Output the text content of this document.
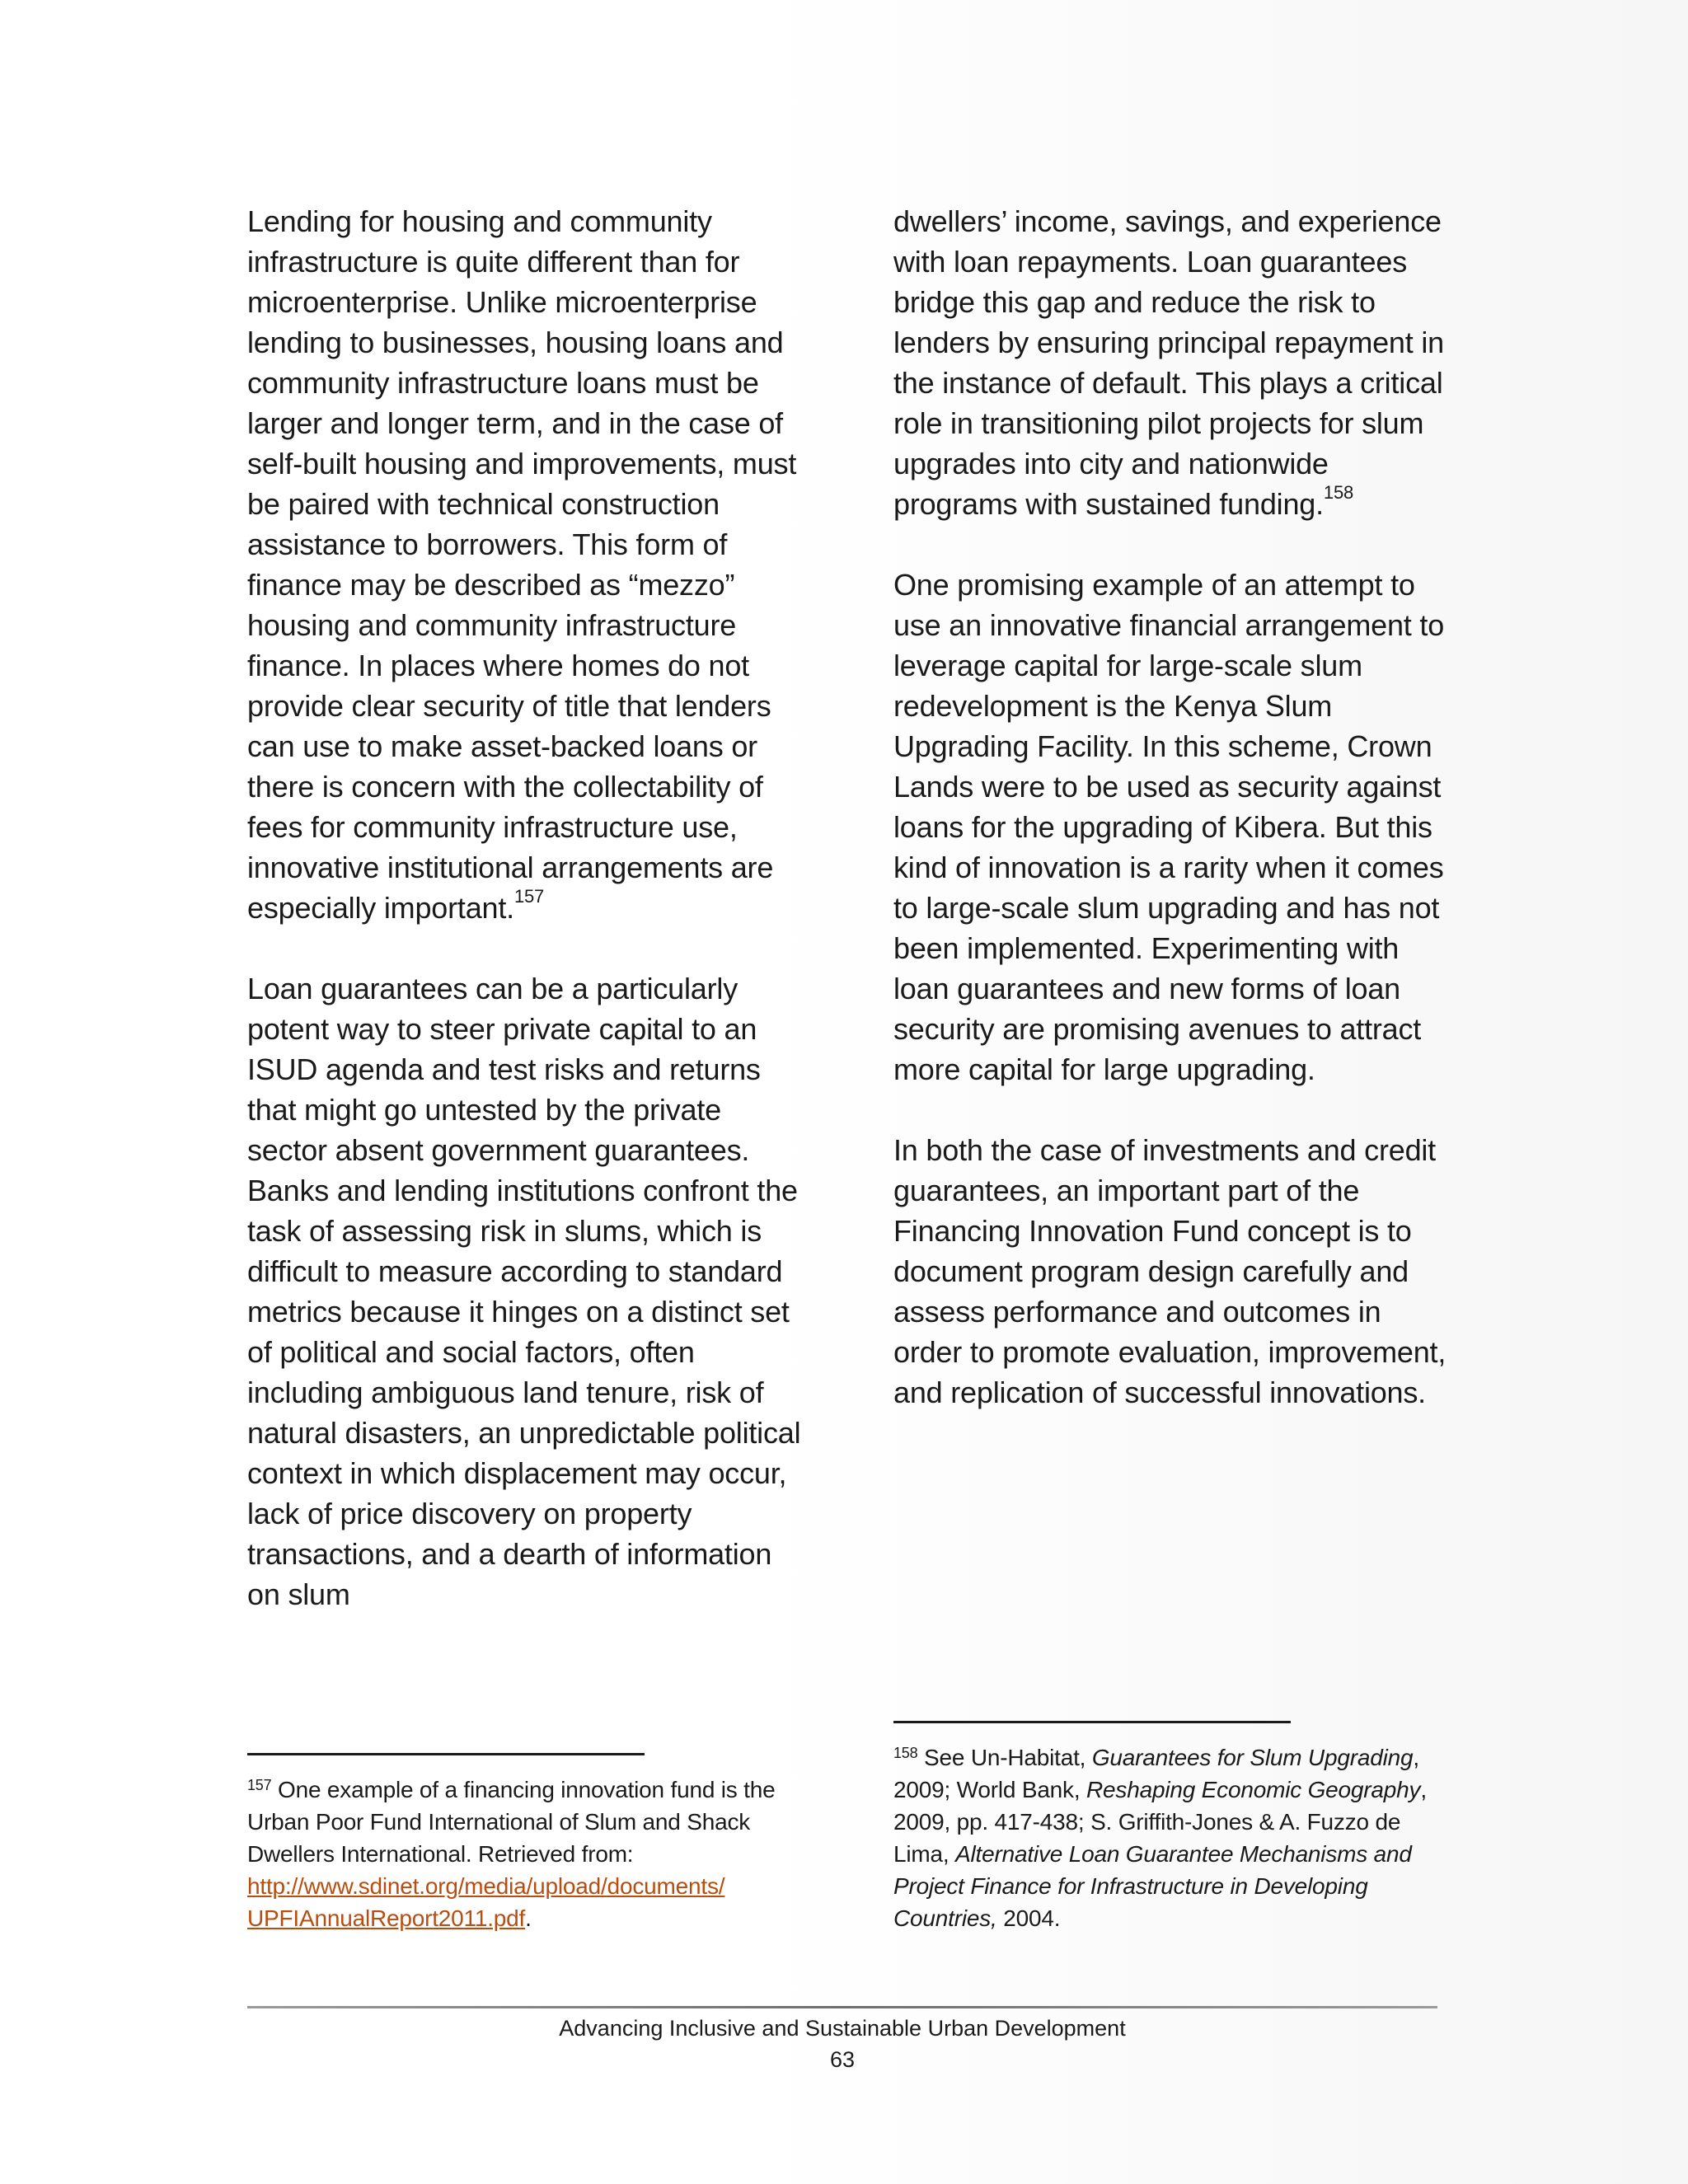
Lending for housing and community infrastructure is quite different than for microenterprise. Unlike microenterprise lending to businesses, housing loans and community infrastructure loans must be larger and longer term, and in the case of self-built housing and improvements, must be paired with technical construction assistance to borrowers. This form of finance may be described as “mezzo” housing and community infrastructure finance. In places where homes do not provide clear security of title that lenders can use to make asset-backed loans or there is concern with the collectability of fees for community infrastructure use, innovative institutional arrangements are especially important.$^{157}$

Loan guarantees can be a particularly potent way to steer private capital to an ISUD agenda and test risks and returns that might go untested by the private sector absent government guarantees. Banks and lending institutions confront the task of assessing risk in slums, which is difficult to measure according to standard metrics because it hinges on a distinct set of political and social factors, often including ambiguous land tenure, risk of natural disasters, an unpredictable political context in which displacement may occur, lack of price discovery on property transactions, and a dearth of information on slum

dwellers’ income, savings, and experience with loan repayments. Loan guarantees bridge this gap and reduce the risk to lenders by ensuring principal repayment in the instance of default. This plays a critical role in transitioning pilot projects for slum upgrades into city and nationwide programs with sustained funding.$^{158}$

One promising example of an attempt to use an innovative financial arrangement to leverage capital for large-scale slum redevelopment is the Kenya Slum Upgrading Facility. In this scheme, Crown Lands were to be used as security against loans for the upgrading of Kibera. But this kind of innovation is a rarity when it comes to large-scale slum upgrading and has not been implemented. Experimenting with loan guarantees and new forms of loan security are promising avenues to attract more capital for large upgrading.

In both the case of investments and credit guarantees, an important part of the Financing Innovation Fund concept is to document program design carefully and assess performance and outcomes in order to promote evaluation, improvement, and replication of successful innovations.

$^{157}$ One example of a financing innovation fund is the Urban Poor Fund International of Slum and Shack Dwellers International. Retrieved from: http://www.sdinet.org/media/upload/documents/
UPFIAnnualReport2011.pdf.
$^{158}$ See Un-Habitat, Guarantees for Slum Upgrading, 2009; World Bank, Reshaping Economic Geography, 2009, pp. 417-438; S. Griffith-Jones & A. Fuzzo de Lima, Alternative Loan Guarantee Mechanisms and Project Finance for Infrastructure in Developing Countries, 2004.
Advancing Inclusive and Sustainable Urban Development
63
